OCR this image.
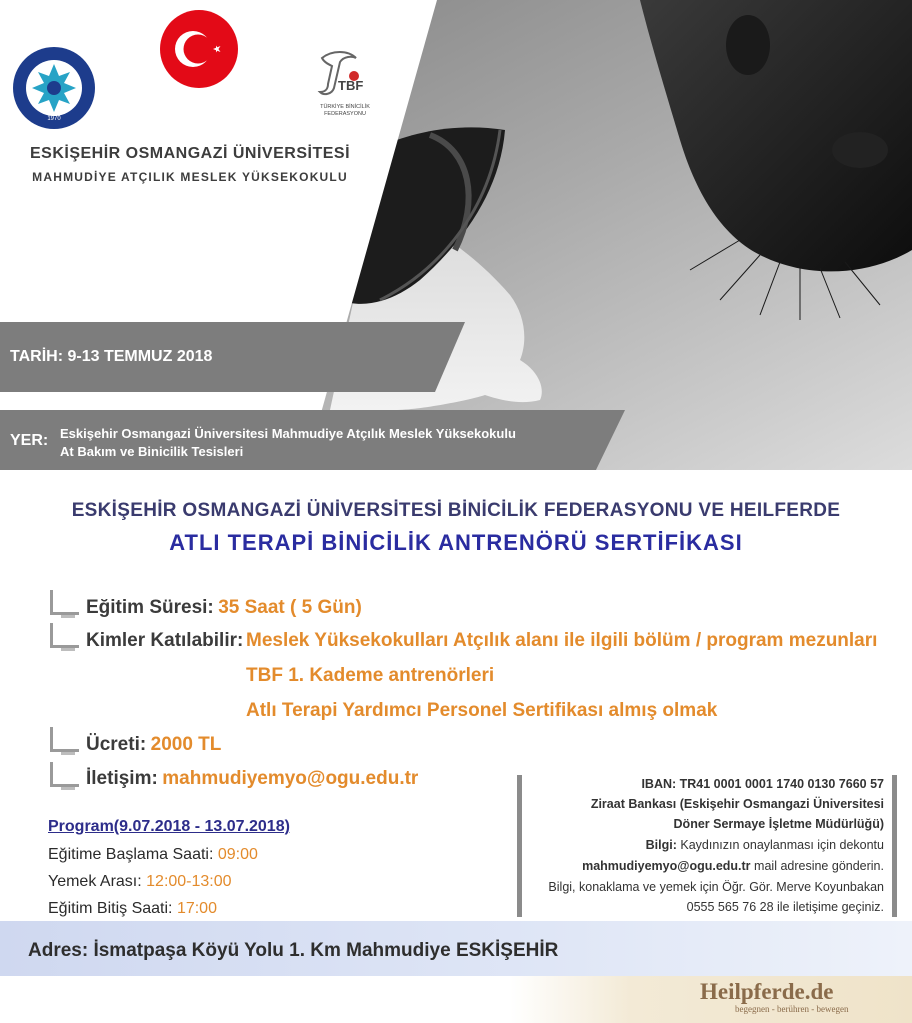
1970
TBF
TÜRKİYE BİNİCİLİK
FEDERASYONU
ESKİŞEHİR OSMANGAZİ ÜNİVERSİTESİ
MAHMUDİYE ATÇILIK MESLEK YÜKSEKOKULU
TARİH: 9-13 TEMMUZ 2018
YER: Eskişehir Osmangazi Üniversitesi Mahmudiye Atçılık Meslek Yüksekokulu
At Bakım ve Binicilik Tesisleri
ESKİŞEHİR OSMANGAZİ ÜNİVERSİTESİ BİNİCİLİK FEDERASYONU VE HEILFERDE
ATLI TERAPİ BİNİCİLİK ANTRENÖRÜ SERTİFİKASI
Eğitim Süresi: 35 Saat ( 5 Gün)
Kimler Katılabilir: Meslek Yüksekokulları Atçılık alanı ile ilgili bölüm / program mezunları
TBF 1. Kademe antrenörleri
Atlı Terapi Yardımcı Personel Sertifikası almış olmak
Ücreti: 2000 TL
İletişim: mahmudiyemyo@ogu.edu.tr
Program(9.07.2018 - 13.07.2018)
Eğitime Başlama Saati: 09:00
Yemek Arası: 12:00-13:00
Eğitim Bitiş Saati: 17:00
IBAN: TR41 0001 0001 1740 0130 7660 57
Ziraat Bankası (Eskişehir Osmangazi Üniversitesi
Döner Sermaye İşletme Müdürlüğü)
Bilgi: Kaydınızın onaylanması için dekontu
mahmudiyemyo@ogu.edu.tr mail adresine gönderin.
Bilgi, konaklama ve yemek için Öğr. Gör. Merve Koyunbakan
0555 565 76 28 ile iletişime geçiniz.
Adres: İsmatpaşa Köyü Yolu 1. Km Mahmudiye ESKİŞEHİR
Heilpferde.de
begegnen - berühren - bewegen
